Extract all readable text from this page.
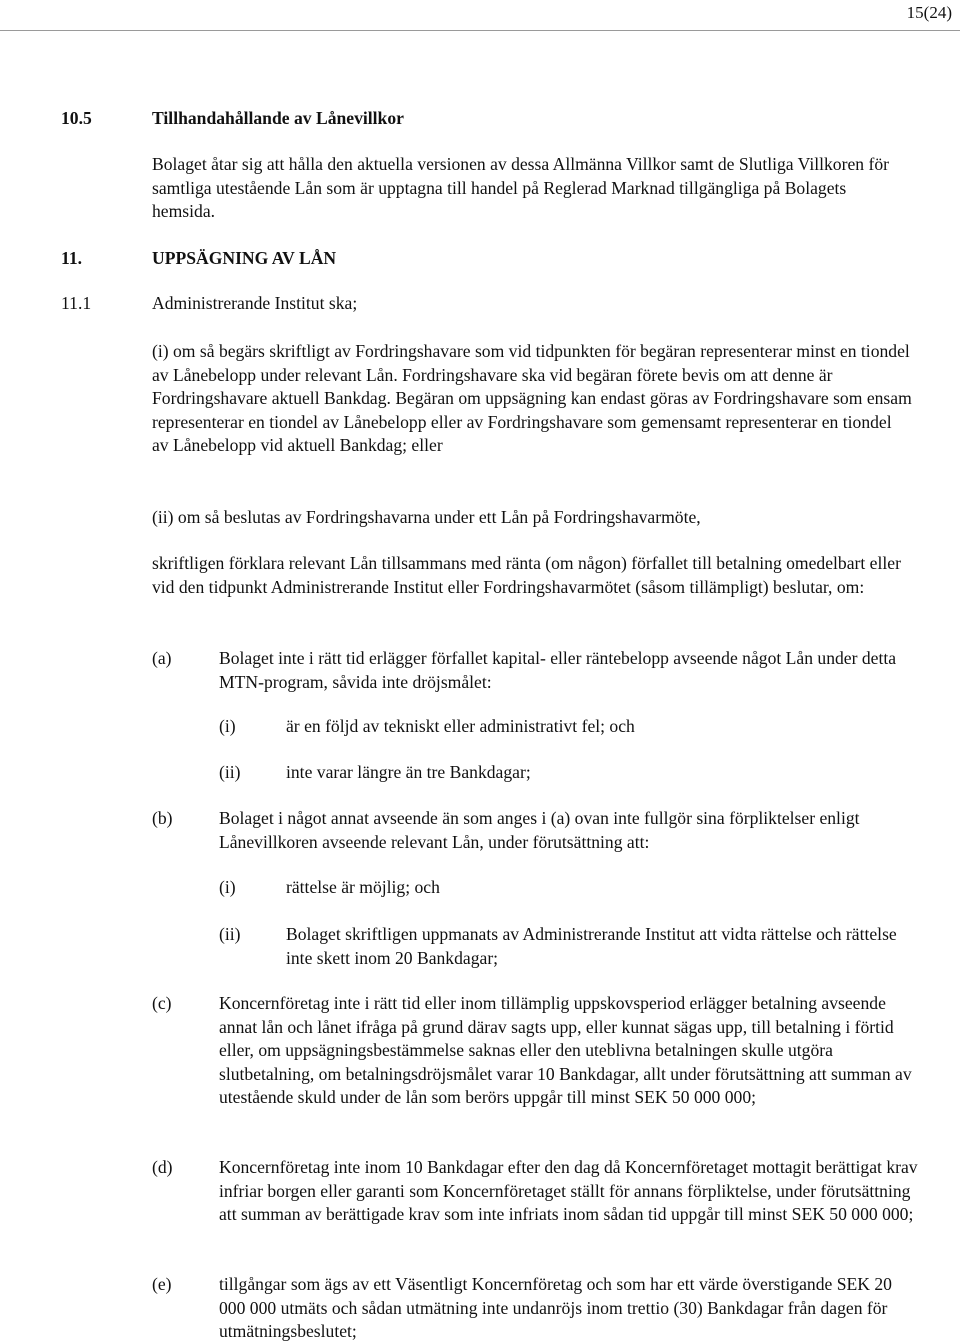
15(24)
10.5	Tillhandahållande av Lånevillkor

Bolaget åtar sig att hålla den aktuella versionen av dessa Allmänna Villkor samt de Slutliga Villkoren för samtliga utestående Lån som är upptagna till handel på Reglerad Marknad tillgängliga på Bolagets hemsida.

11.	UPPSÄGNING AV LÅN
11.1	Administrerande Institut ska;

(i) om så begärs skriftligt av Fordringshavare som vid tidpunkten för begäran representerar minst en tiondel av Lånebelopp under relevant Lån. Fordringshavare ska vid begäran förete bevis om att denne är Fordringshavare aktuell Bankdag. Begäran om uppsägning kan endast göras av Fordringshavare som ensam representerar en tiondel av Lånebelopp eller av Fordringshavare som gemensamt representerar en tiondel av Lånebelopp vid aktuell Bankdag; eller

(ii) om så beslutas av Fordringshavarna under ett Lån på Fordringshavarmöte,

skriftligen förklara relevant Lån tillsammans med ränta (om någon) förfallet till betalning omedelbart eller vid den tidpunkt Administrerande Institut eller Fordringshavarmötet (såsom tillämpligt) beslutar, om:

(a)	Bolaget inte i rätt tid erlägger förfallet kapital- eller räntebelopp avseende något Lån under detta MTN-program, såvida inte dröjsmålet:

(i)	är en följd av tekniskt eller administrativt fel; och

(ii)	inte varar längre än tre Bankdagar;

(b)	Bolaget i något annat avseende än som anges i (a) ovan inte fullgör sina förpliktelser enligt Lånevillkoren avseende relevant Lån, under förutsättning att:

(i)	rättelse är möjlig; och

(ii)	Bolaget skriftligen uppmanats av Administrerande Institut att vidta rättelse och rättelse inte skett inom 20 Bankdagar;

(c)	Koncernföretag inte i rätt tid eller inom tillämplig uppskovsperiod erlägger betalning avseende annat lån och lånet ifråga på grund därav sagts upp, eller kunnat sägas upp, till betalning i förtid eller, om uppsägningsbestämmelse saknas eller den uteblivna betalningen skulle utgöra slutbetalning, om betalningsdröjsmålet varar 10 Bankdagar, allt under förutsättning att summan av utestående skuld under de lån som berörs uppgår till minst SEK 50 000 000;

(d)	Koncernföretag inte inom 10 Bankdagar efter den dag då Koncernföretaget mottagit berättigat krav infriar borgen eller garanti som Koncernföretaget ställt för annans förpliktelse, under förutsättning att summan av berättigade krav som inte infriats inom sådan tid uppgår till minst SEK 50 000 000;

(e)	tillgångar som ägs av ett Väsentligt Koncernföretag och som har ett värde överstigande SEK 20 000 000 utmäts och sådan utmätning inte undanröjs inom trettio (30) Bankdagar från dagen för utmätningsbeslutet;
